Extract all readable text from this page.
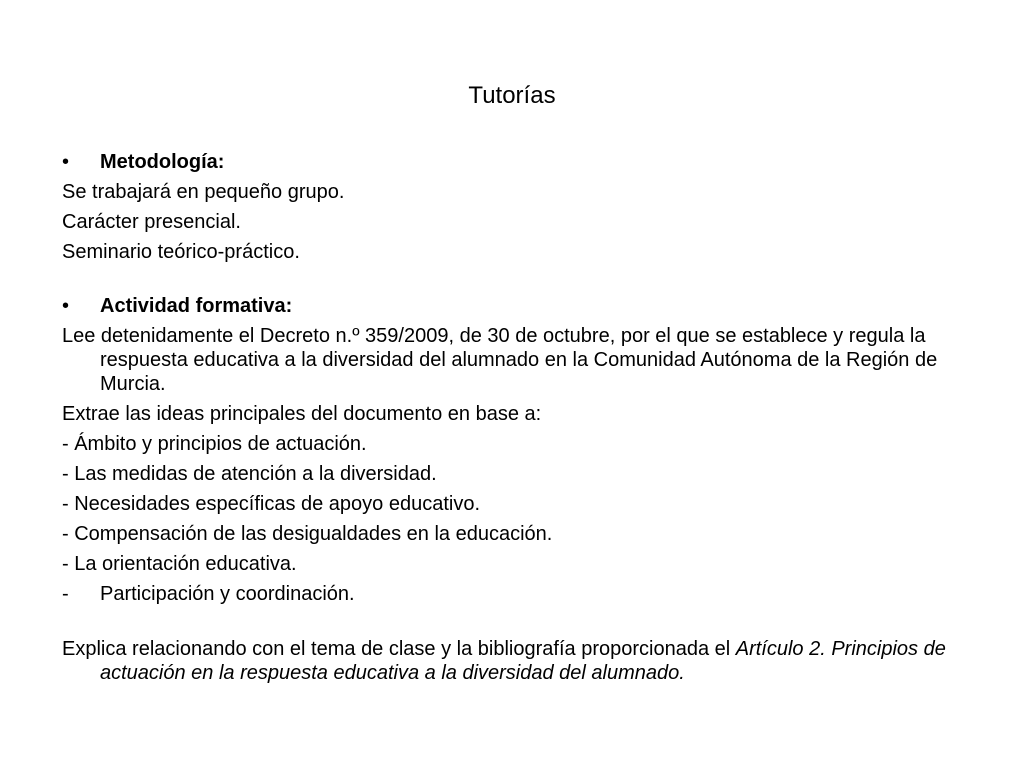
Tutorías
• Metodología:
Se trabajará en pequeño grupo.
Carácter presencial.
Seminario teórico-práctico.
• Actividad formativa:
Lee detenidamente el Decreto n.º 359/2009, de 30 de octubre, por el que se establece y regula la respuesta educativa a la diversidad del alumnado en la Comunidad Autónoma de la Región de Murcia.
Extrae las ideas principales del documento en base a:
- Ámbito y principios de actuación.
- Las medidas de atención a la diversidad.
- Necesidades específicas de apoyo educativo.
- Compensación de las desigualdades en la educación.
- La orientación educativa.
- Participación y coordinación.
Explica relacionando con el tema de clase y la bibliografía proporcionada el Artículo 2. Principios de actuación en la respuesta educativa a la diversidad del alumnado.
